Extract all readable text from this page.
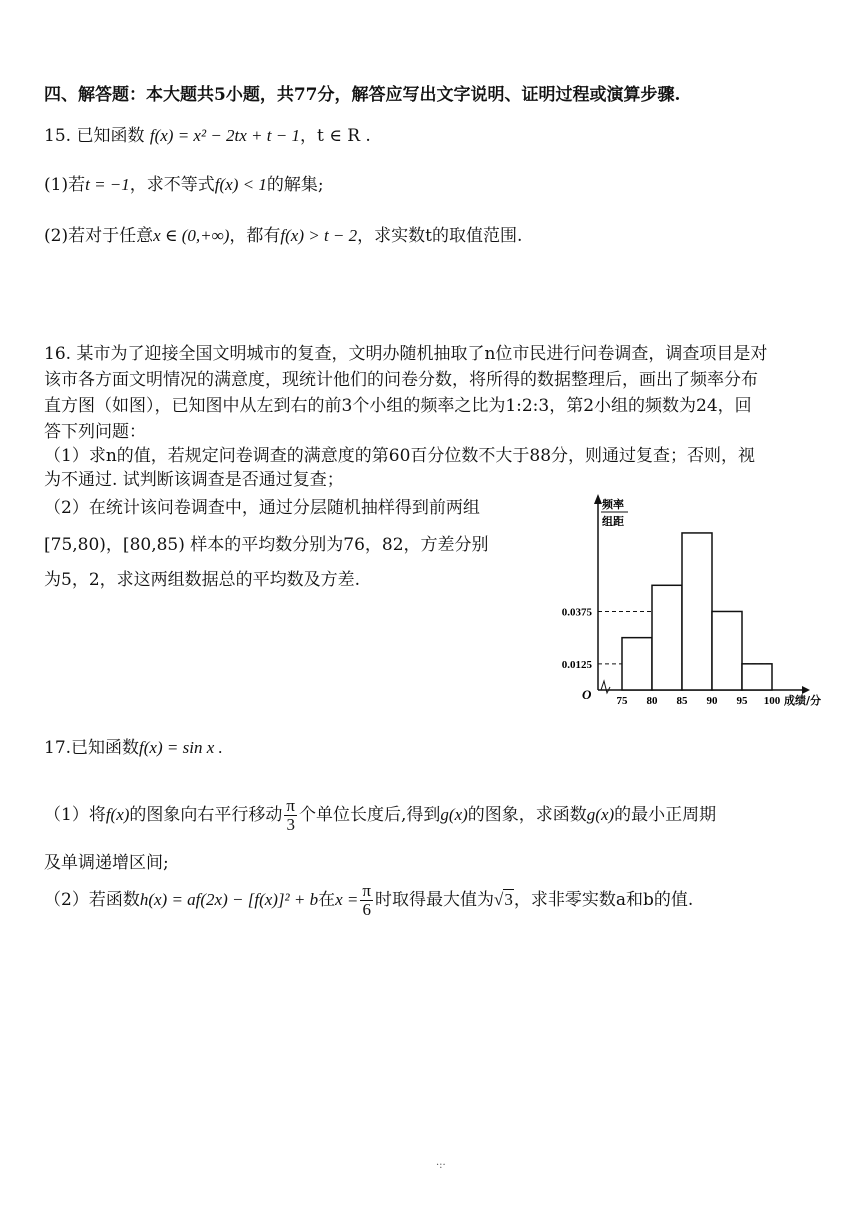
四、解答题：本大题共5小题，共77分，解答应写出文字说明、证明过程或演算步骤.
15. 已知函数 f(x) = x² − 2tx + t − 1，t ∈ R .
(1)若t = −1，求不等式f(x) < 1的解集;
(2)若对于任意x ∈ (0,+∞)，都有f(x) > t − 2，求实数t的取值范围.
16. 某市为了迎接全国文明城市的复查，文明办随机抽取了n位市民进行问卷调查，调查项目是对
该市各方面文明情况的满意度，现统计他们的问卷分数，将所得的数据整理后，画出了频率分布
直方图（如图），已知图中从左到右的前3个小组的频率之比为1:2:3，第2小组的频数为24，回
答下列问题：
（1）求n的值，若规定问卷调查的满意度的第60百分位数不大于88分，则通过复查；否则，视
为不通过. 试判断该调查是否通过复查；
（2）在统计该问卷调查中，通过分层随机抽样得到前两组
[75,80)，[80,85) 样本的平均数分别为76，82，方差分别
为5，2，求这两组数据总的平均数及方差.
0.0125
0.0375
75 80 85 90 95 100
O	成绩/分
频率
组距
17.已知函数f(x) = sin x .
（1）将f(x)的图象向右平行移动 $\frac{\pi}{3}$ 个单位长度后,得到g(x)的图象，求函数g(x)的最小正周期
及单调递增区间;
（2）若函数h(x) = af(2x) − [f(x)]² + b在$x = \frac{\pi}{6}$ 时取得最大值为√3，求非零实数a和b的值.
·:·
